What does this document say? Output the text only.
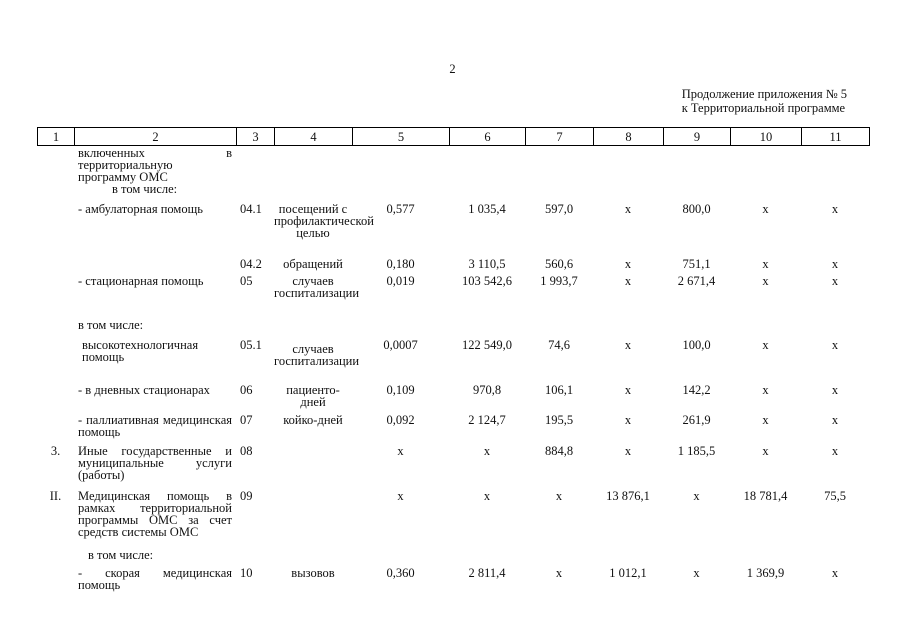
2
Продолжение приложения № 5
к Территориальной программе
1	2	3	4	5	6	7	8	9	10	11
	включенных в территориальную программу ОМС									
	в том числе:									
	- амбулаторная помощь	04.1	посещений с профилактической целью	0,577	1 035,4	597,0	х	800,0	х	х
		04.2	обращений	0,180	3 110,5	560,6	х	751,1	х	х
	- стационарная помощь	05	случаев госпитализации	0,019	103 542,6	1 993,7	х	2 671,4	х	х
	в том числе:									
	высокотехнологичная помощь	05.1	случаев госпитализации	0,0007	122 549,0	74,6	х	100,0	х	х
	- в дневных стационарах	06	пациенто-дней	0,109	970,8	106,1	х	142,2	х	х
	- паллиативная медицинская помощь	07	койко-дней	0,092	2 124,7	195,5	х	261,9	х	х
3.	Иные государственные и муниципальные услуги (работы)	08		х	х	884,8	х	1 185,5	х	х
II.	Медицинская помощь в рамках территориальной программы ОМС за счет средств системы ОМС	09		х	х	х	13 876,1	х	18 781,4	75,5
	в том числе:									
	- скорая медицинская помощь	10	вызовов	0,360	2 811,4	х	1 012,1	х	1 369,9	х
